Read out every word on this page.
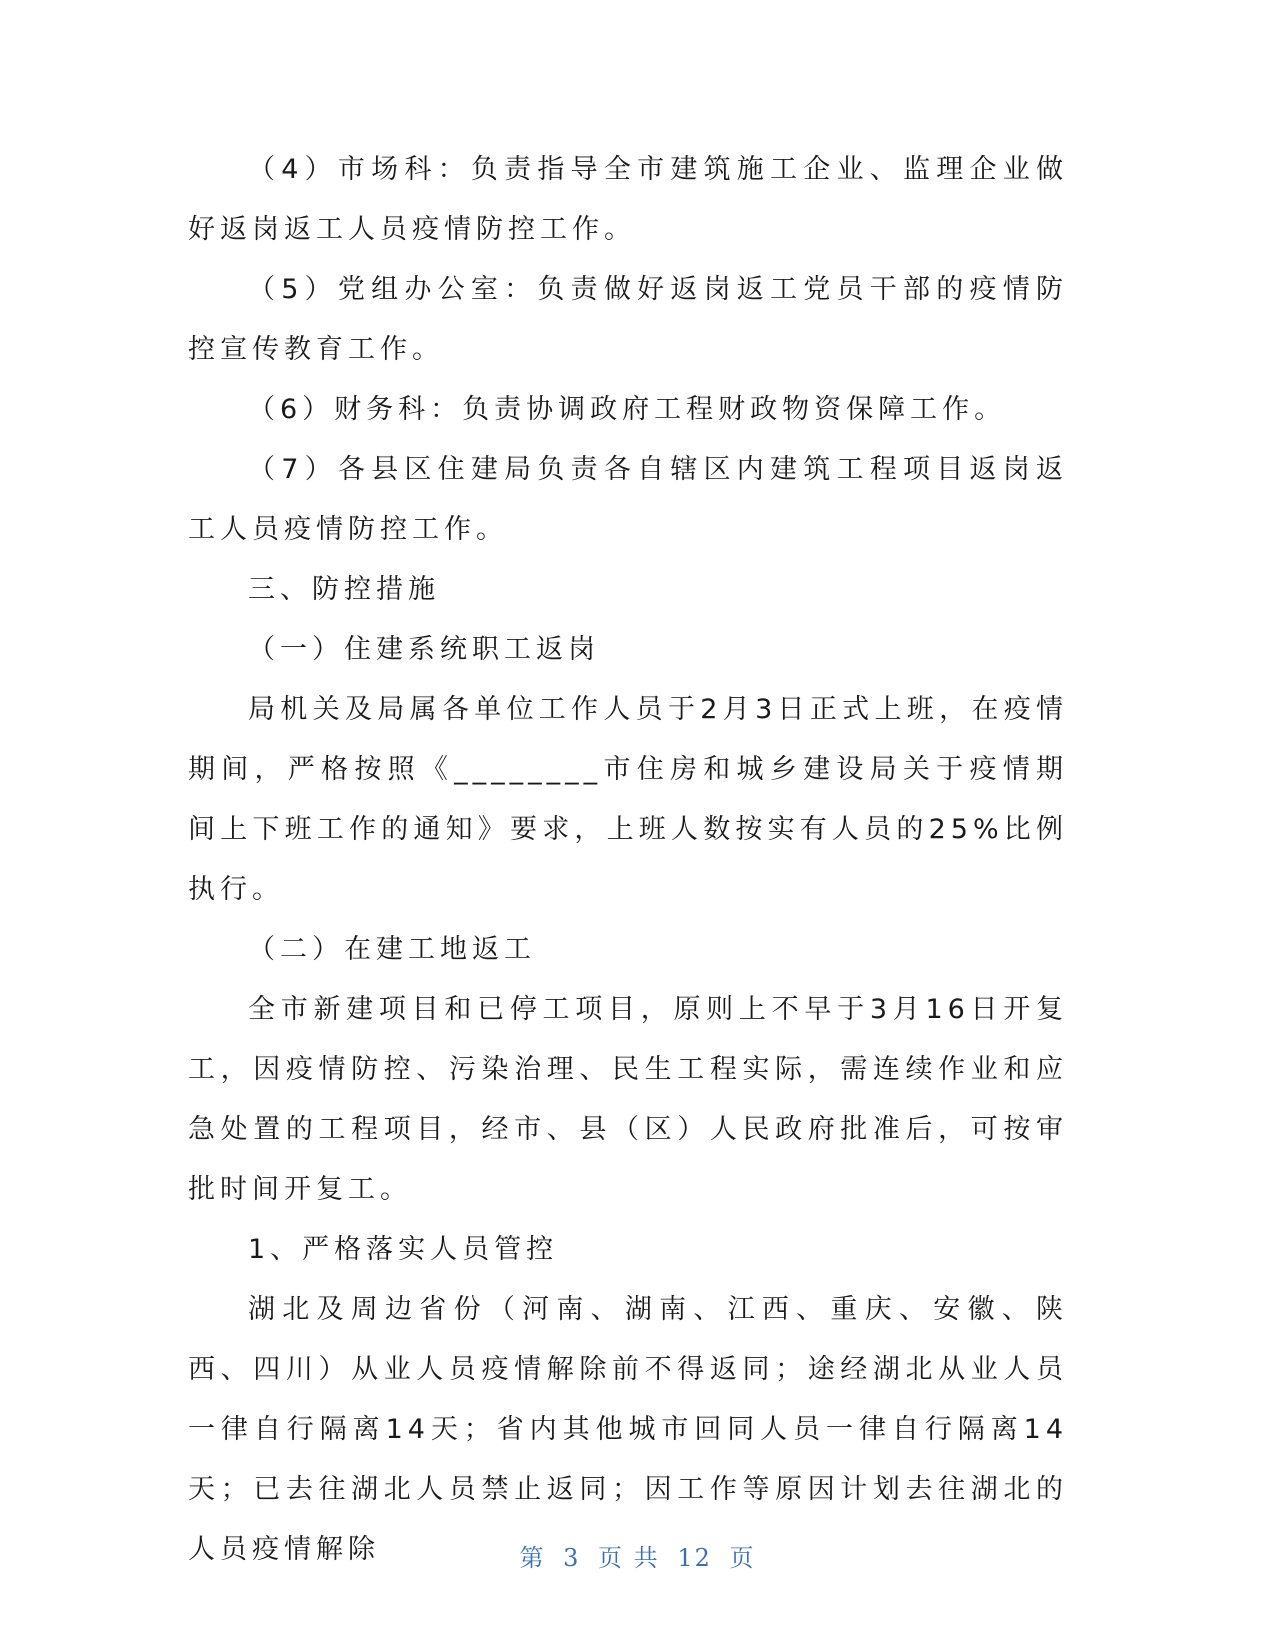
（4）市场科：负责指导全市建筑施工企业、监理企业做好返岗返工人员疫情防控工作。

（5）党组办公室：负责做好返岗返工党员干部的疫情防控宣传教育工作。

（6）财务科：负责协调政府工程财政物资保障工作。

（7）各县区住建局负责各自辖区内建筑工程项目返岗返工人员疫情防控工作。

三、防控措施

（一）住建系统职工返岗

局机关及局属各单位工作人员于2月3日正式上班，在疫情期间，严格按照《________市住房和城乡建设局关于疫情期间上下班工作的通知》要求，上班人数按实有人员的25%比例执行。

（二）在建工地返工

全市新建项目和已停工项目，原则上不早于3月16日开复工，因疫情防控、污染治理、民生工程实际，需连续作业和应急处置的工程项目，经市、县（区）人民政府批准后，可按审批时间开复工。

1、严格落实人员管控

湖北及周边省份（河南、湖南、江西、重庆、安徽、陕西、四川）从业人员疫情解除前不得返同；途经湖北从业人员一律自行隔离14天；省内其他城市回同人员一律自行隔离14天；已去往湖北人员禁止返同；因工作等原因计划去往湖北的人员疫情解除	第 3 页 共 12 页
